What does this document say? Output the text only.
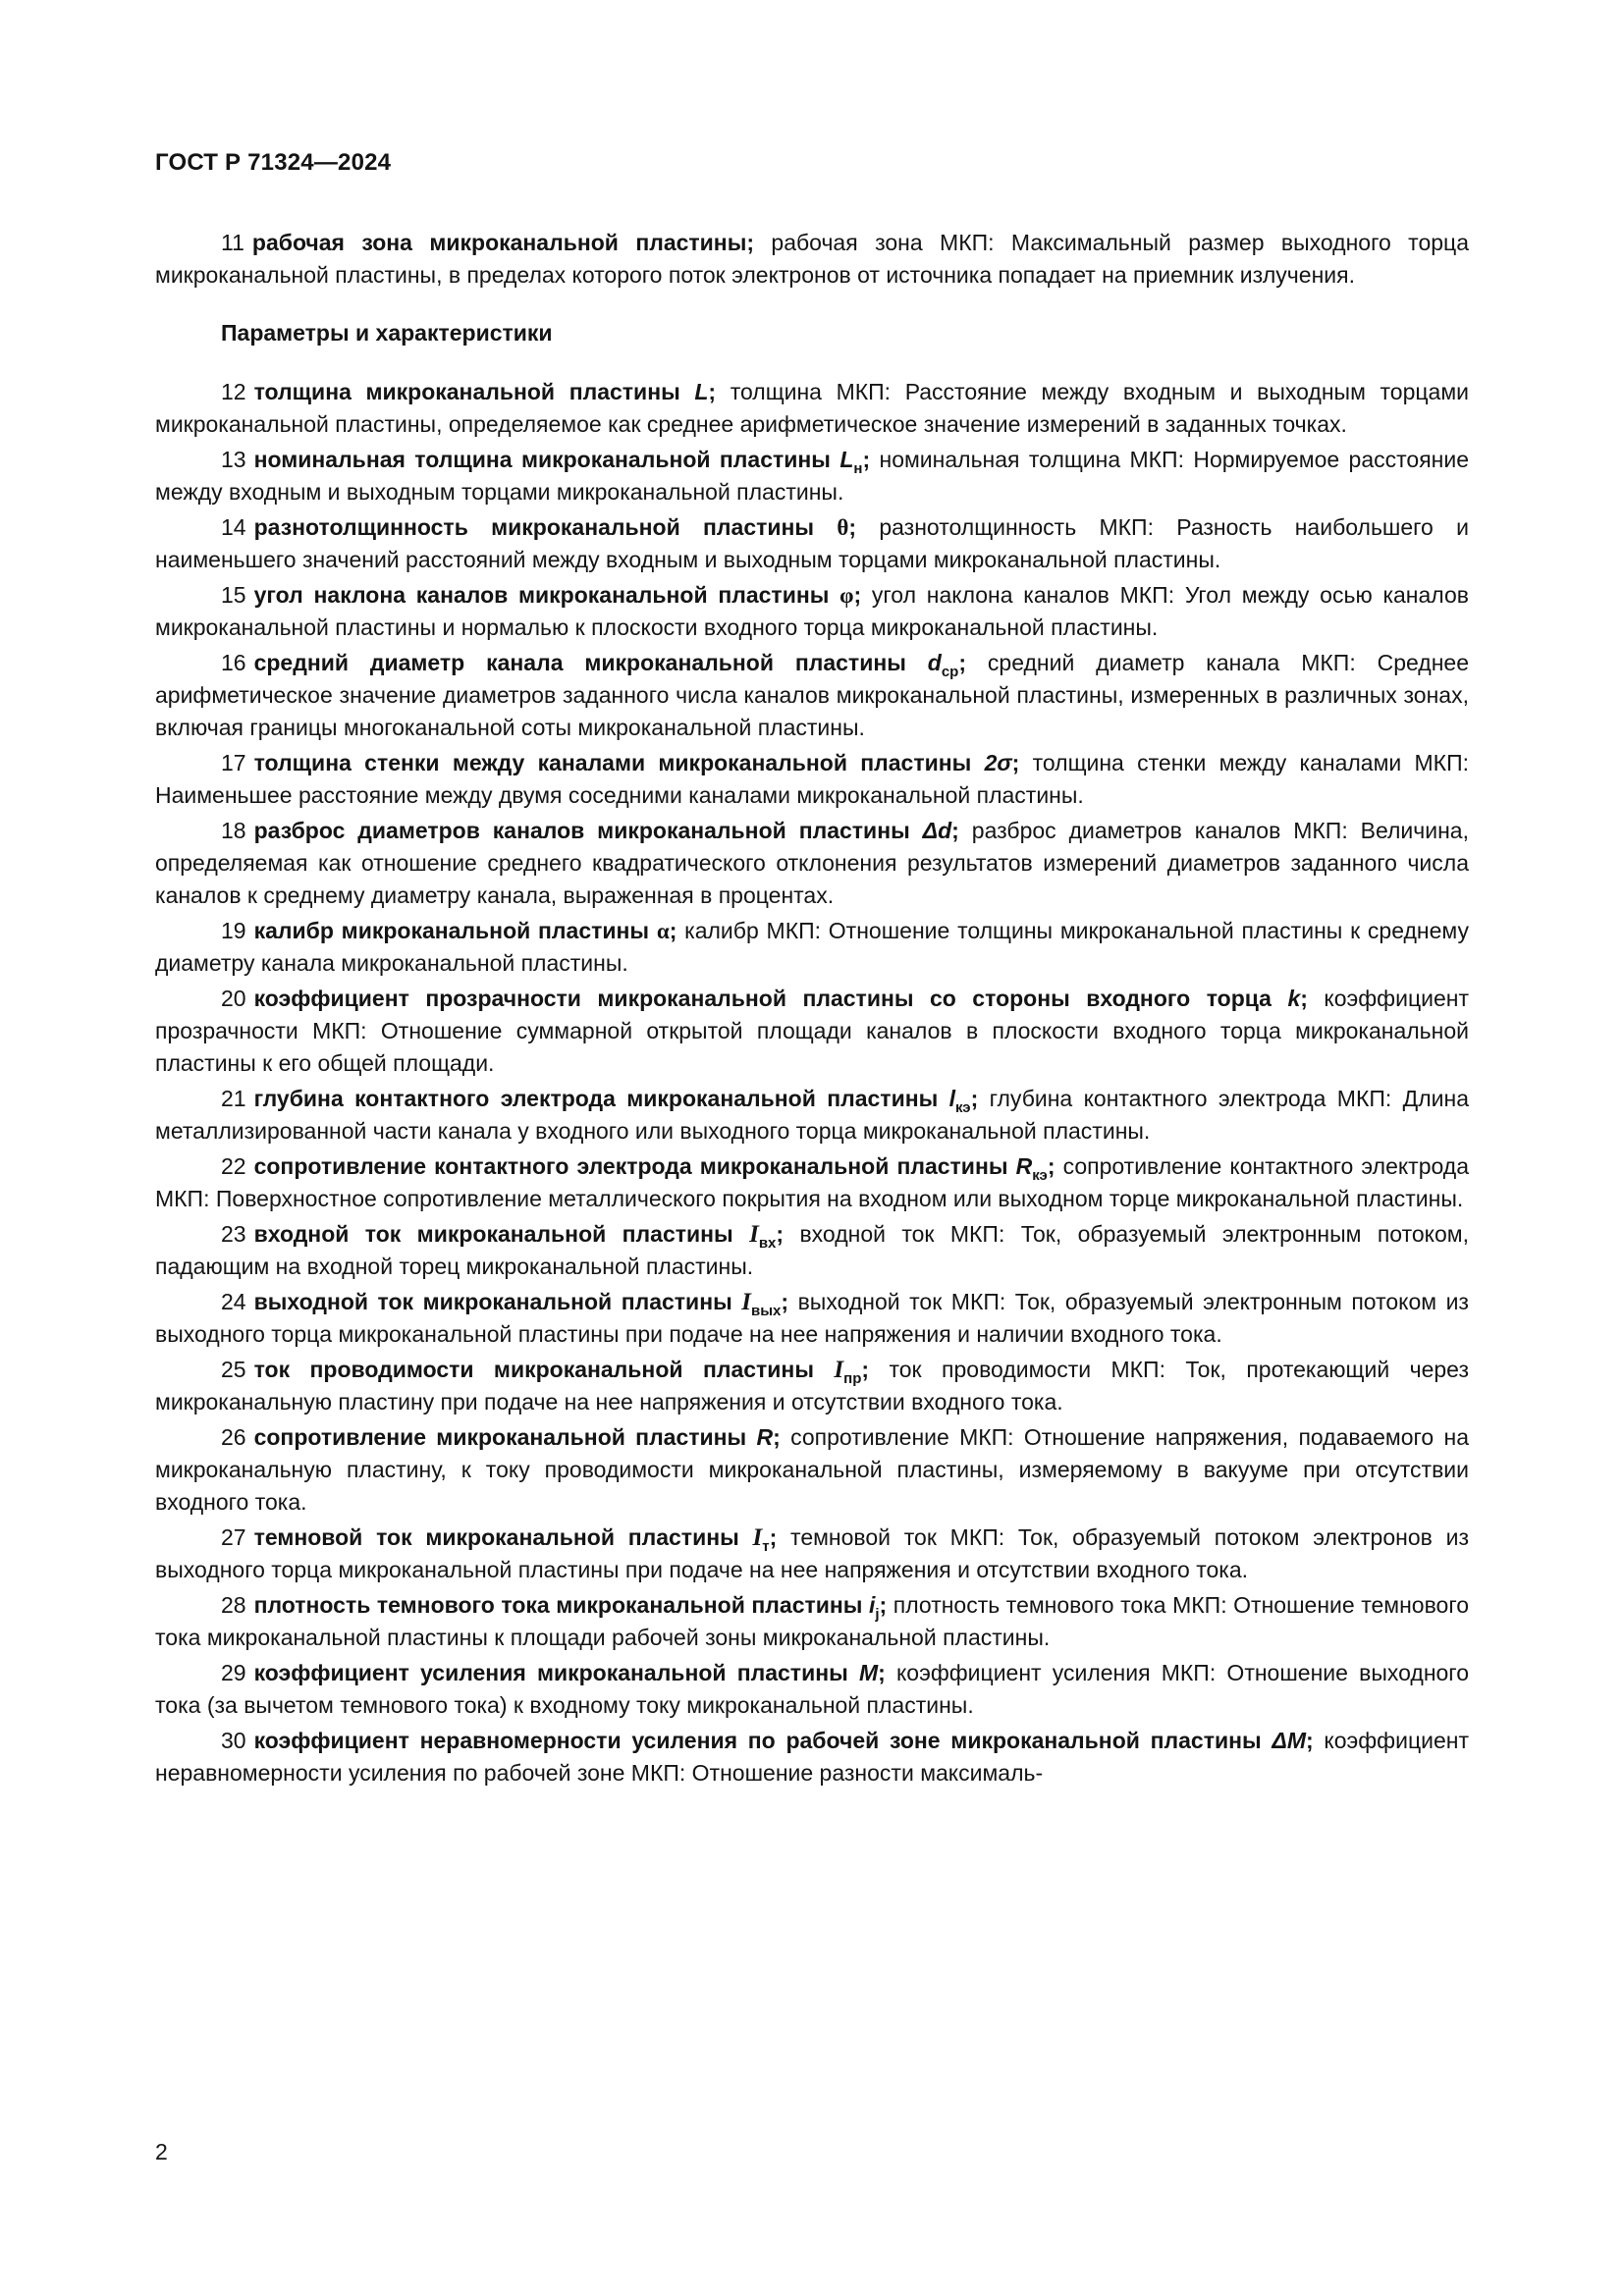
ГОСТ Р 71324—2024

11 рабочая зона микроканальной пластины; рабочая зона МКП: Максимальный размер выходного торца микроканальной пластины, в пределах которого поток электронов от источника попадает на приемник излучения.

Параметры и характеристики

12 толщина микроканальной пластины L; толщина МКП: Расстояние между входным и выходным торцами микроканальной пластины, определяемое как среднее арифметическое значение измерений в заданных точках.

13 номинальная толщина микроканальной пластины $L_н$; номинальная толщина МКП: Нормируемое расстояние между входным и выходным торцами микроканальной пластины.

14 разнотолщинность микроканальной пластины θ; разнотолщинность МКП: Разность наибольшего и наименьшего значений расстояний между входным и выходным торцами микроканальной пластины.

15 угол наклона каналов микроканальной пластины φ; угол наклона каналов МКП: Угол между осью каналов микроканальной пластины и нормалью к плоскости входного торца микроканальной пластины.

16 средний диаметр канала микроканальной пластины $d_{ср}$; средний диаметр канала МКП: Среднее арифметическое значение диаметров заданного числа каналов микроканальной пластины, измеренных в различных зонах, включая границы многоканальной соты микроканальной пластины.

17 толщина стенки между каналами микроканальной пластины 2σ; толщина стенки между каналами МКП: Наименьшее расстояние между двумя соседними каналами микроканальной пластины.

18 разброс диаметров каналов микроканальной пластины Δd; разброс диаметров каналов МКП: Величина, определяемая как отношение среднего квадратического отклонения результатов измерений диаметров заданного числа каналов к среднему диаметру канала, выраженная в процентах.

19 калибр микроканальной пластины α; калибр МКП: Отношение толщины микроканальной пластины к среднему диаметру канала микроканальной пластины.

20 коэффициент прозрачности микроканальной пластины со стороны входного торца k; коэффициент прозрачности МКП: Отношение суммарной открытой площади каналов в плоскости входного торца микроканальной пластины к его общей площади.

21 глубина контактного электрода микроканальной пластины $l_{кэ}$; глубина контактного электрода МКП: Длина металлизированной части канала у входного или выходного торца микроканальной пластины.

22 сопротивление контактного электрода микроканальной пластины $R_{кэ}$; сопротивление контактного электрода МКП: Поверхностное сопротивление металлического покрытия на входном или выходном торце микроканальной пластины.

23 входной ток микроканальной пластины $I_{вх}$; входной ток МКП: Ток, образуемый электронным потоком, падающим на входной торец микроканальной пластины.

24 выходной ток микроканальной пластины $I_{вых}$; выходной ток МКП: Ток, образуемый электронным потоком из выходного торца микроканальной пластины при подаче на нее напряжения и наличии входного тока.

25 ток проводимости микроканальной пластины $I_{пр}$; ток проводимости МКП: Ток, протекающий через микроканальную пластину при подаче на нее напряжения и отсутствии входного тока.

26 сопротивление микроканальной пластины R; сопротивление МКП: Отношение напряжения, подаваемого на микроканальную пластину, к току проводимости микроканальной пластины, измеряемому в вакууме при отсутствии входного тока.

27 темновой ток микроканальной пластины $I_т$; темновой ток МКП: Ток, образуемый потоком электронов из выходного торца микроканальной пластины при подаче на нее напряжения и отсутствии входного тока.

28 плотность темнового тока микроканальной пластины $i_j$; плотность темнового тока МКП: Отношение темнового тока микроканальной пластины к площади рабочей зоны микроканальной пластины.

29 коэффициент усиления микроканальной пластины M; коэффициент усиления МКП: Отношение выходного тока (за вычетом темнового тока) к входному току микроканальной пластины.

30 коэффициент неравномерности усиления по рабочей зоне микроканальной пластины ΔM; коэффициент неравномерности усиления по рабочей зоне МКП: Отношение разности максималь-

2
